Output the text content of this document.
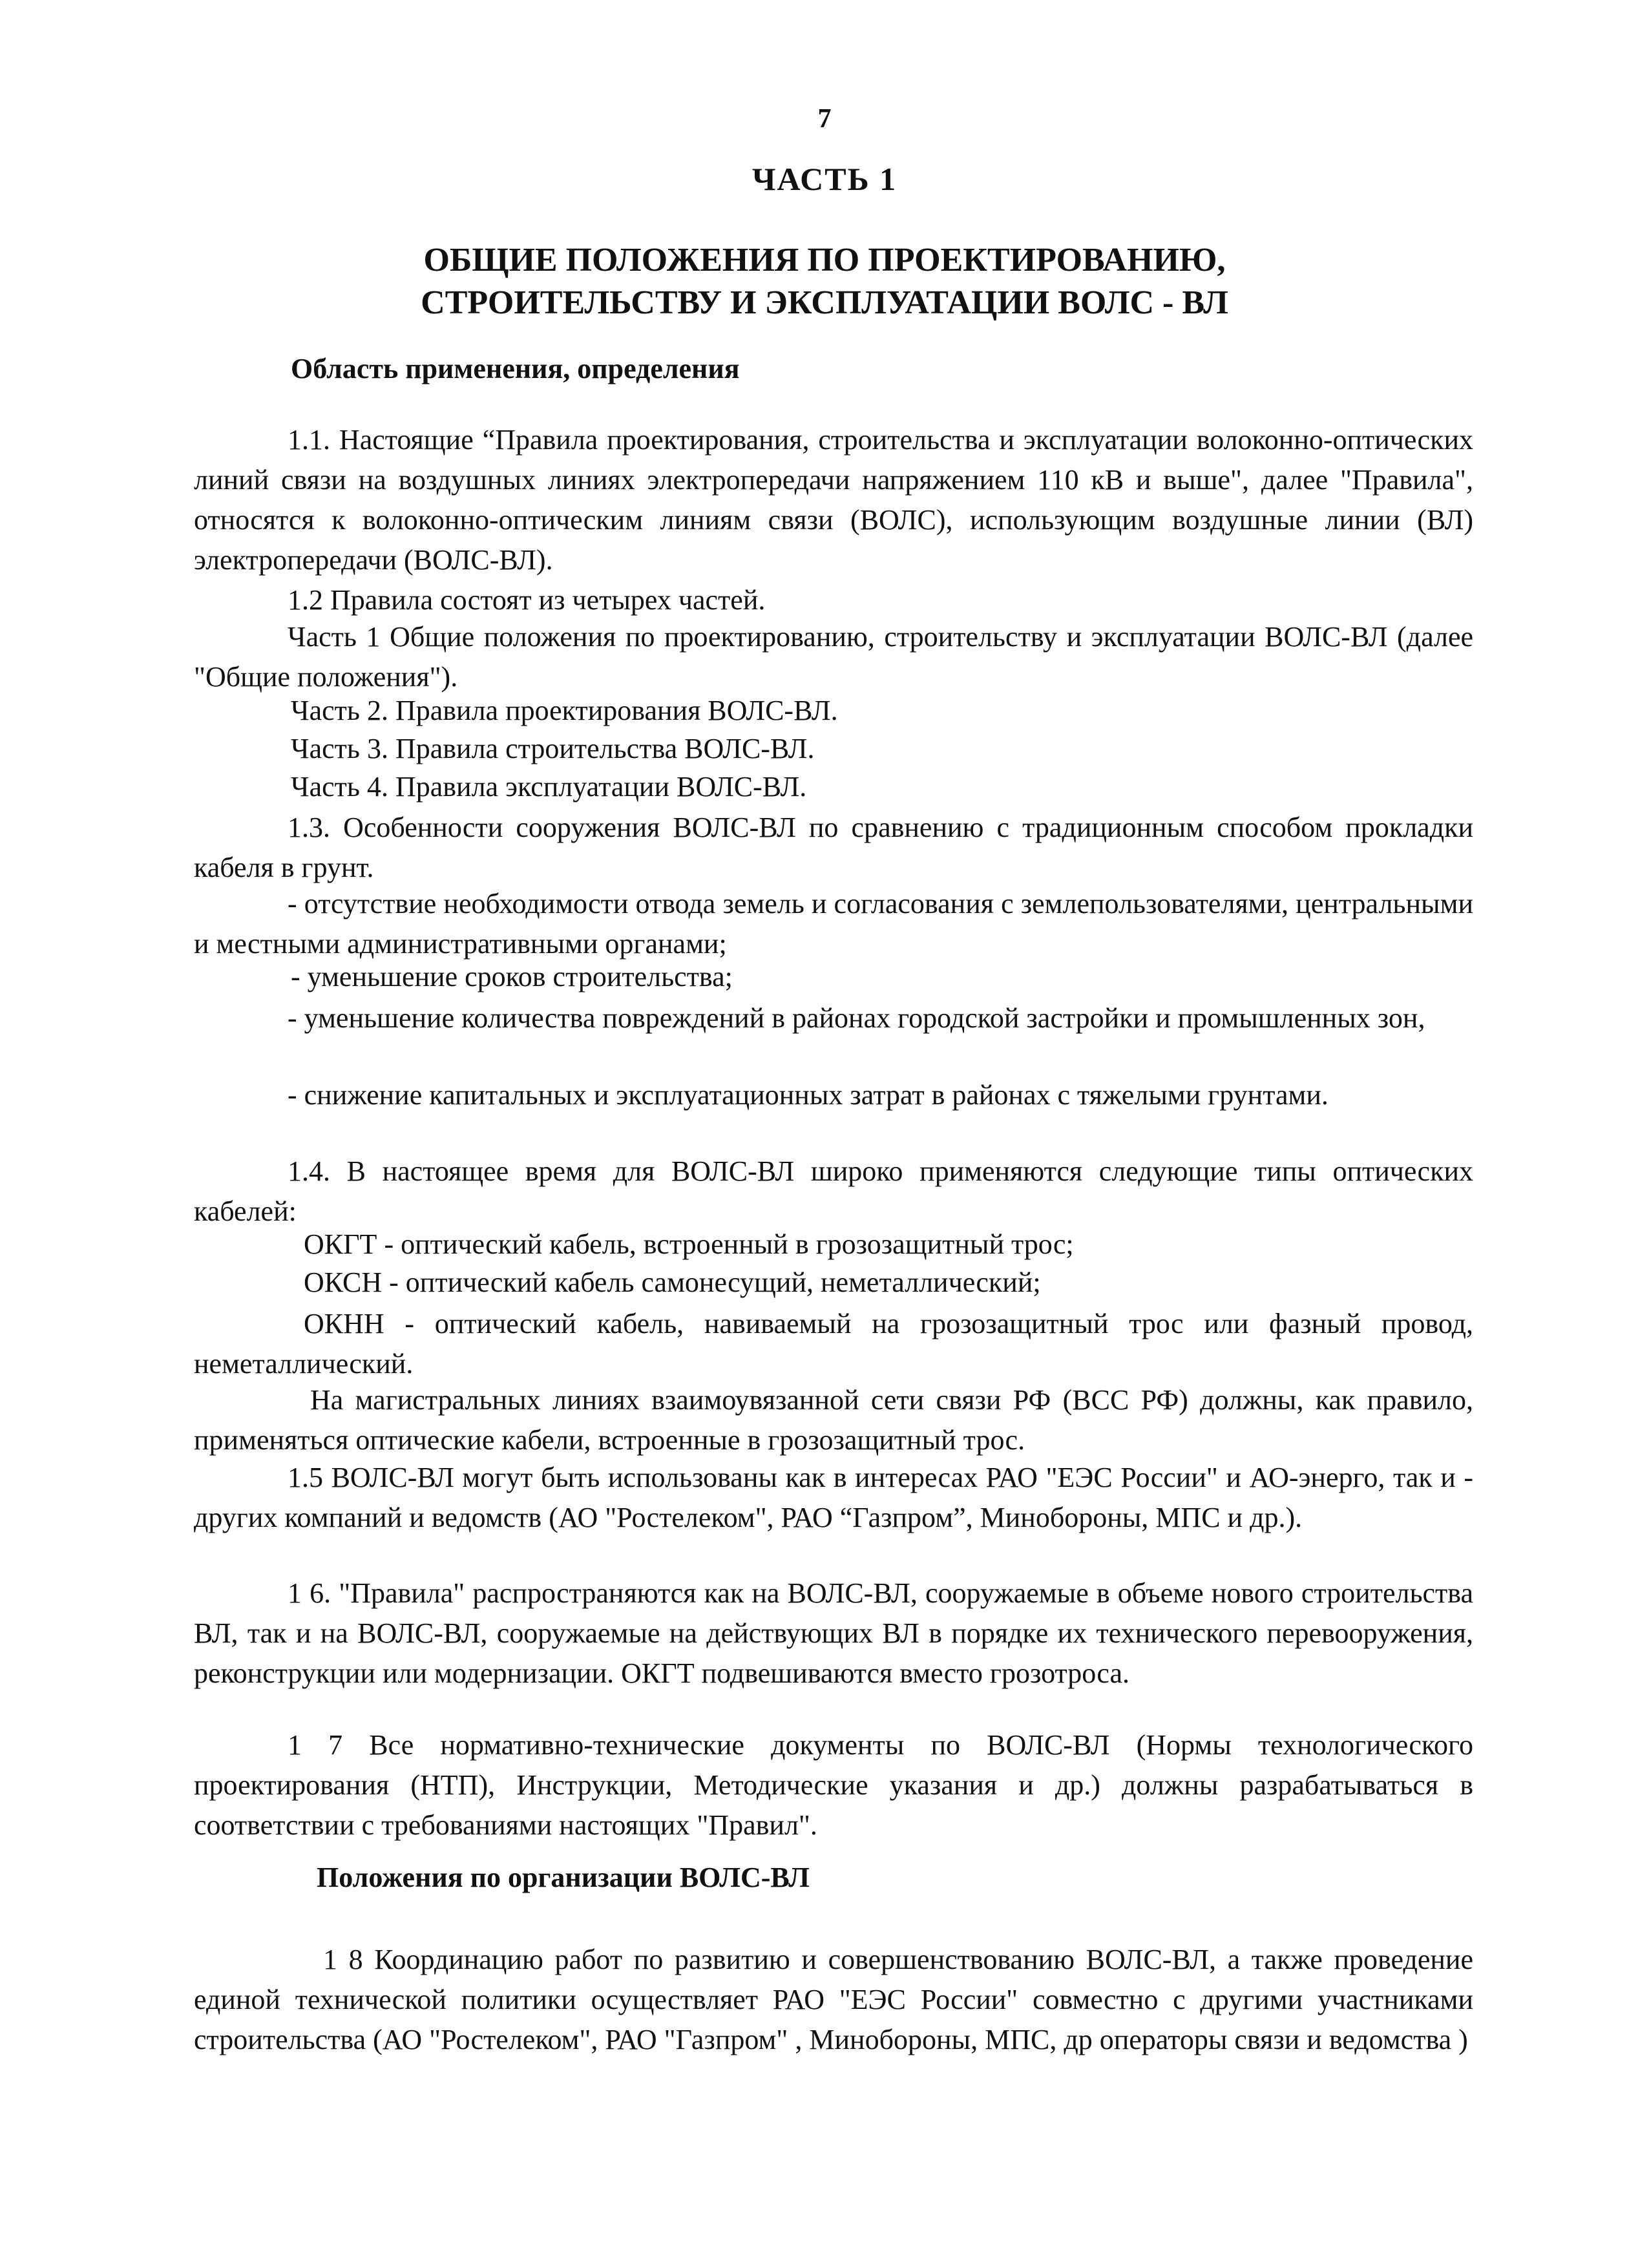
7
ЧАСТЬ 1
ОБЩИЕ ПОЛОЖЕНИЯ ПО ПРОЕКТИРОВАНИЮ,
СТРОИТЕЛЬСТВУ И ЭКСПЛУАТАЦИИ ВОЛС - ВЛ
Область применения, определения
1.1. Настоящие “Правила проектирования, строительства и эксплуатации волоконно-оптических линий связи на воздушных линиях электропередачи напряжением 110 кВ и выше", далее "Правила", относятся к волоконно-оптическим линиям связи (ВОЛС), использующим воздушные линии (ВЛ) электропередачи (ВОЛС-ВЛ).
1.2 Правила состоят из четырех частей.
Часть 1 Общие положения по проектированию, строительству и эксплуатации ВОЛС-ВЛ (далее "Общие положения").
Часть 2. Правила проектирования ВОЛС-ВЛ.
Часть 3. Правила строительства ВОЛС-ВЛ.
Часть 4. Правила эксплуатации ВОЛС-ВЛ.
1.3. Особенности сооружения ВОЛС-ВЛ по сравнению с традиционным способом прокладки кабеля в грунт.
- отсутствие необходимости отвода земель и согласования с землепользователями, центральными и местными административными органами;
- уменьшение сроков строительства;
- уменьшение количества повреждений в районах городской застройки и промышленных зон,
- снижение капитальных и эксплуатационных затрат в районах с тяжелыми грунтами.
1.4. В настоящее время для ВОЛС-ВЛ широко применяются следующие типы оптических кабелей:
ОКГТ - оптический кабель, встроенный в грозозащитный трос;
ОКСН - оптический кабель самонесущий, неметаллический;
ОКНН - оптический кабель, навиваемый на грозозащитный трос или фазный провод, неметаллический.
На магистральных линиях взаимоувязанной сети связи РФ (ВСС РФ) должны, как правило, применяться оптические кабели, встроенные в грозозащитный трос.
1.5 ВОЛС-ВЛ могут быть использованы как в интересах РАО "ЕЭС России" и АО-энерго, так и - других компаний и ведомств (АО "Ростелеком", РАО “Газпром”, Минобороны, МПС и др.).
1 6. "Правила" распространяются как на ВОЛС-ВЛ, сооружаемые в объеме нового строительства ВЛ, так и на ВОЛС-ВЛ, сооружаемые на действующих ВЛ в порядке их технического перевооружения, реконструкции или модернизации. ОКГТ подвешиваются вместо грозотроса.
1 7 Все нормативно-технические документы по ВОЛС-ВЛ (Нормы технологического проектирования (НТП), Инструкции, Методические указания и др.) должны разрабатываться в соответствии с требованиями настоящих "Правил".
Положения по организации ВОЛС-ВЛ
1 8 Координацию работ по развитию и совершенствованию ВОЛС-ВЛ, а также проведение единой технической политики осуществляет РАО "ЕЭС России" совместно с другими участниками строительства (АО "Ростелеком", РАО "Газпром" , Минобороны, МПС, др операторы связи и ведомства )
